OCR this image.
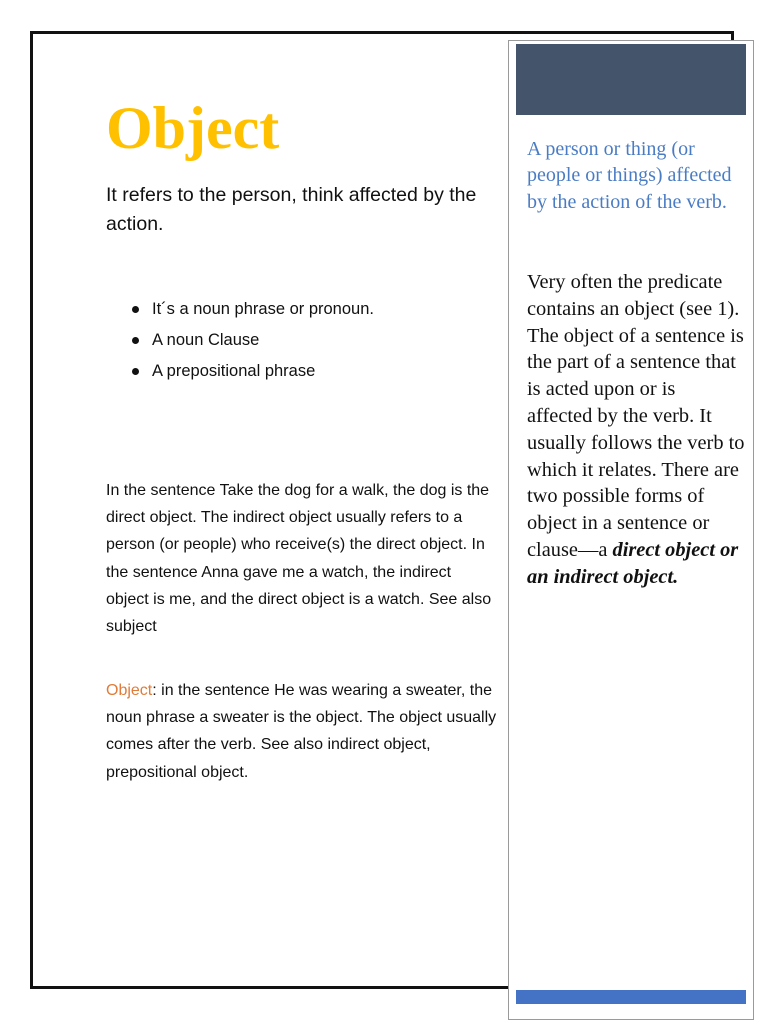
Object
It refers to the person, think affected by the action.
It´s a noun phrase or pronoun.
A noun Clause
A prepositional phrase

In the sentence Take the dog for a walk, the dog is the direct object. The indirect object usually refers to a person (or people) who receive(s) the direct object. In the sentence Anna gave me a watch, the indirect object is me, and the direct object is a watch. See also subject

Object: in the sentence He was wearing a sweater, the noun phrase a sweater is the object. The object usually comes after the verb. See also indirect object, prepositional object.

A person or thing (or people or things) affected by the action of the verb.
Very often the predicate contains an object (see 1). The object of a sentence is the part of a sentence that is acted upon or is affected by the verb. It usually follows the verb to which it relates. There are two possible forms of object in a sentence or clause—a direct object or an indirect object.
